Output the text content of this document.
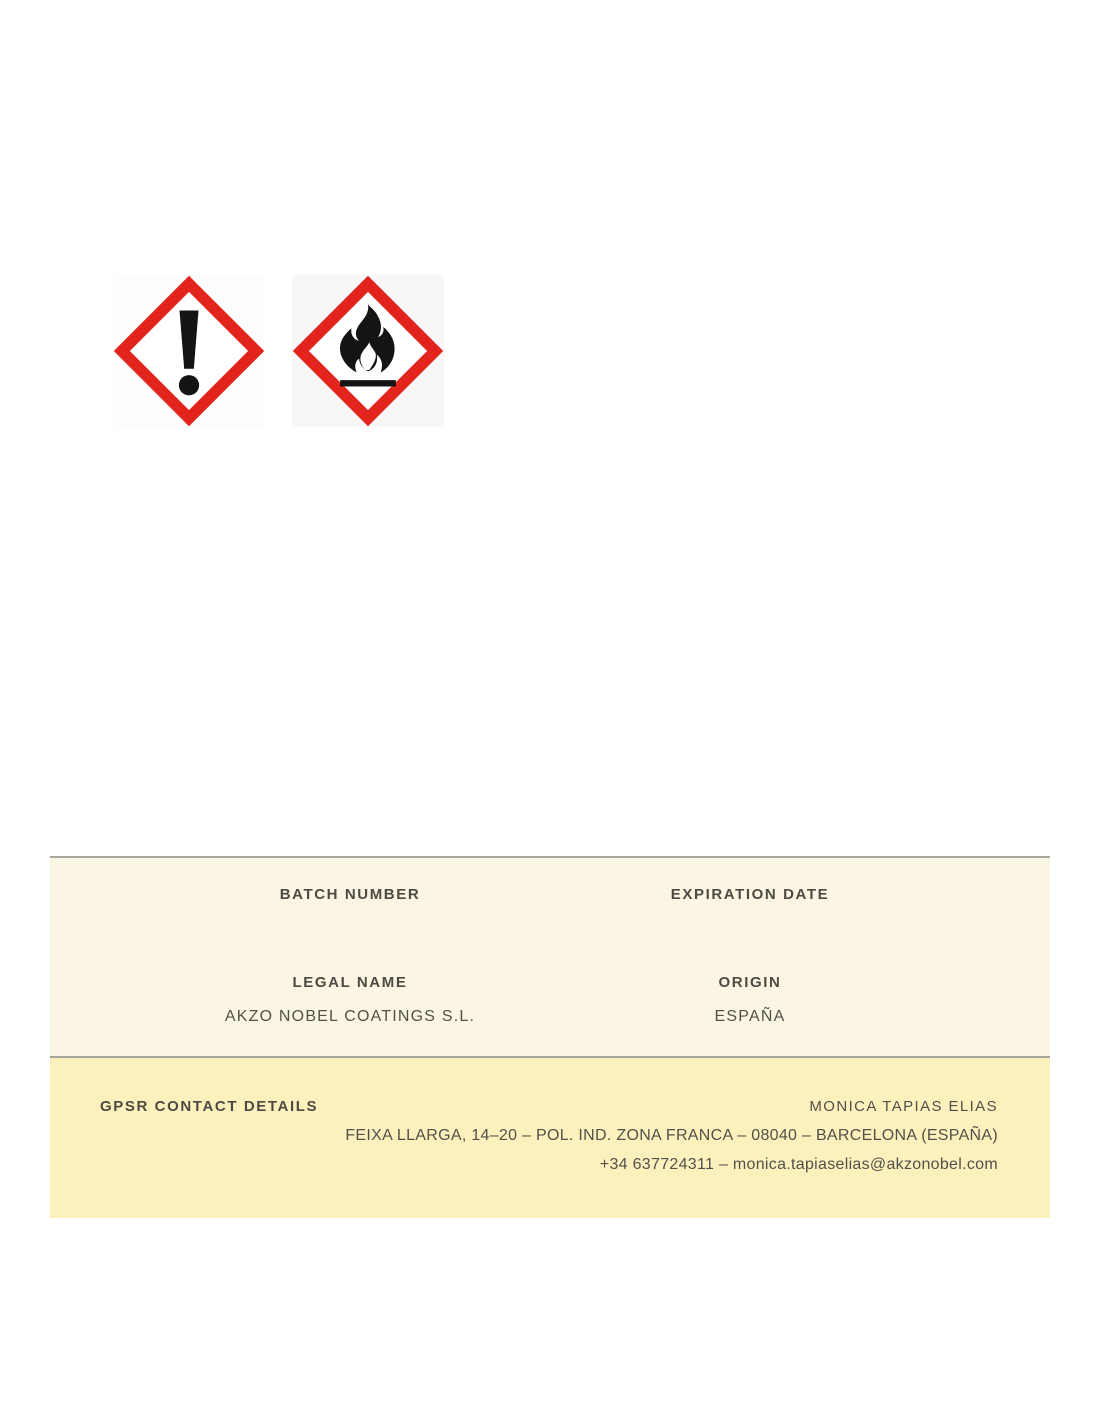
BATCH NUMBER	EXPIRATION DATE
LEGAL NAME
AKZO NOBEL COATINGS S.L.
ORIGIN
ESPAÑA
GPSR CONTACT DETAILS	MONICA TAPIAS ELIAS
FEIXA LLARGA, 14–20 – POL. IND. ZONA FRANCA – 08040 – BARCELONA (ESPAÑA)
+34 637724311 – monica.tapiaselias@akzonobel.com
